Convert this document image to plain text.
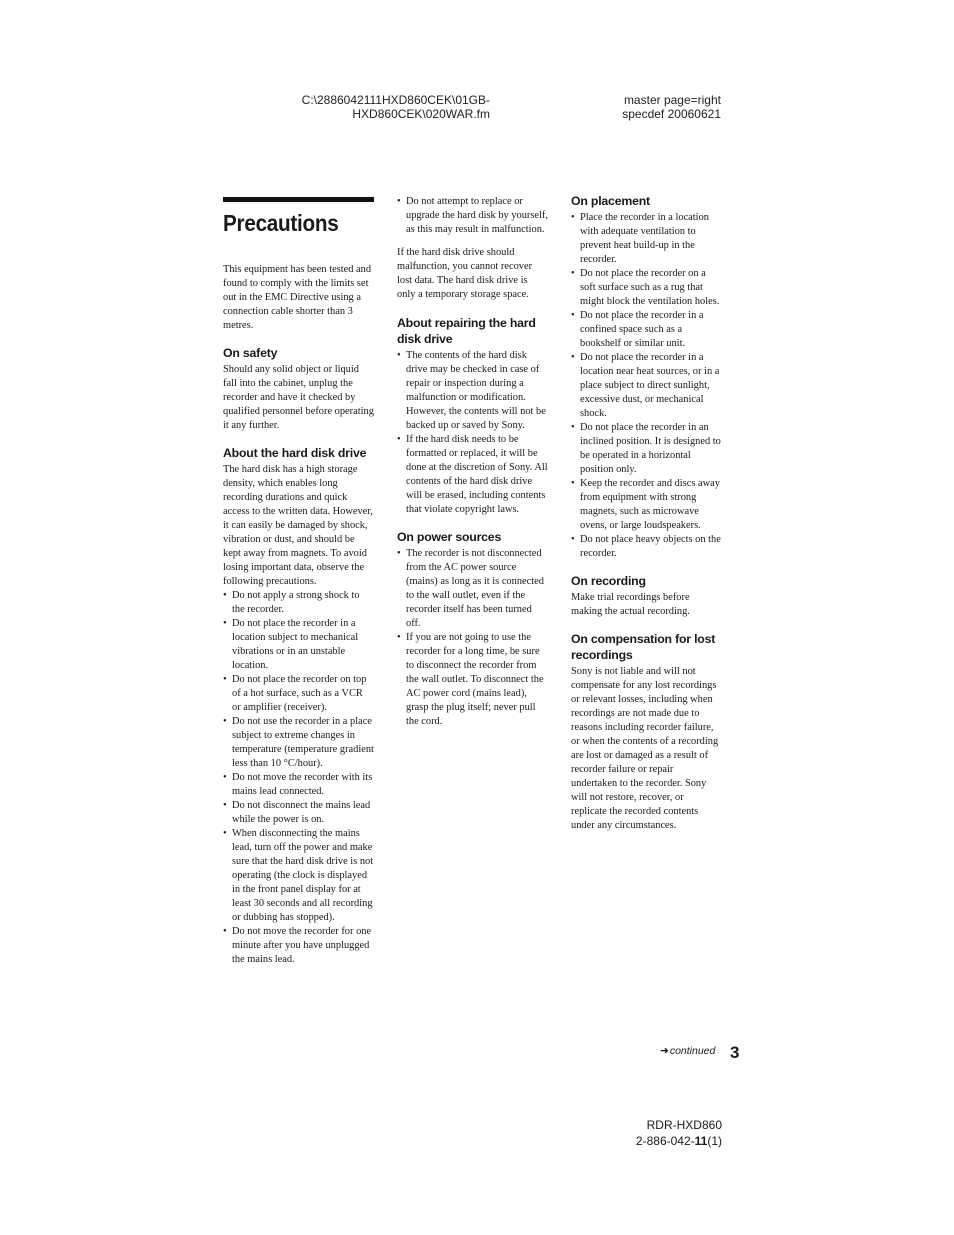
C:\2886042111HXD860CEK\01GB-
HXD860CEK\020WAR.fm
master page=right
specdef 20060621
Precautions

This equipment has been tested and found to comply with the limits set out in the EMC Directive using a connection cable shorter than 3 metres.

On safety

Should any solid object or liquid fall into the cabinet, unplug the recorder and have it checked by qualified personnel before operating it any further.

About the hard disk drive

The hard disk has a high storage density, which enables long recording durations and quick access to the written data. However, it can easily be damaged by shock, vibration or dust, and should be kept away from magnets. To avoid losing important data, observe the following precautions.

• Do not apply a strong shock to the recorder.
• Do not place the recorder in a location subject to mechanical vibrations or in an unstable location.
• Do not place the recorder on top of a hot surface, such as a VCR or amplifier (receiver).
• Do not use the recorder in a place subject to extreme changes in temperature (temperature gradient less than 10 °C/hour).
• Do not move the recorder with its mains lead connected.
• Do not disconnect the mains lead while the power is on.
• When disconnecting the mains lead, turn off the power and make sure that the hard disk drive is not operating (the clock is displayed in the front panel display for at least 30 seconds and all recording or dubbing has stopped).
• Do not move the recorder for one minute after you have unplugged the mains lead.
• Do not attempt to replace or upgrade the hard disk by yourself, as this may result in malfunction.

If the hard disk drive should malfunction, you cannot recover lost data. The hard disk drive is only a temporary storage space.

About repairing the hard disk drive
• The contents of the hard disk drive may be checked in case of repair or inspection during a malfunction or modification. However, the contents will not be backed up or saved by Sony.
• If the hard disk needs to be formatted or replaced, it will be done at the discretion of Sony. All contents of the hard disk drive will be erased, including contents that violate copyright laws.
On power sources
• The recorder is not disconnected from the AC power source (mains) as long as it is connected to the wall outlet, even if the recorder itself has been turned off.
• If you are not going to use the recorder for a long time, be sure to disconnect the recorder from the wall outlet. To disconnect the AC power cord (mains lead), grasp the plug itself; never pull the cord.
On placement
• Place the recorder in a location with adequate ventilation to prevent heat build-up in the recorder.
• Do not place the recorder on a soft surface such as a rug that might block the ventilation holes.
• Do not place the recorder in a confined space such as a bookshelf or similar unit.
• Do not place the recorder in a location near heat sources, or in a place subject to direct sunlight, excessive dust, or mechanical shock.
• Do not place the recorder in an inclined position. It is designed to be operated in a horizontal position only.
• Keep the recorder and discs away from equipment with strong magnets, such as microwave ovens, or large loudspeakers.
• Do not place heavy objects on the recorder.
On recording

Make trial recordings before making the actual recording.

On compensation for lost recordings

Sony is not liable and will not compensate for any lost recordings or relevant losses, including when recordings are not made due to reasons including recorder failure, or when the contents of a recording are lost or damaged as a result of recorder failure or repair undertaken to the recorder. Sony will not restore, recover, or replicate the recorded contents under any circumstances.

➜continued 3
RDR-HXD860
2-886-042-11(1)
